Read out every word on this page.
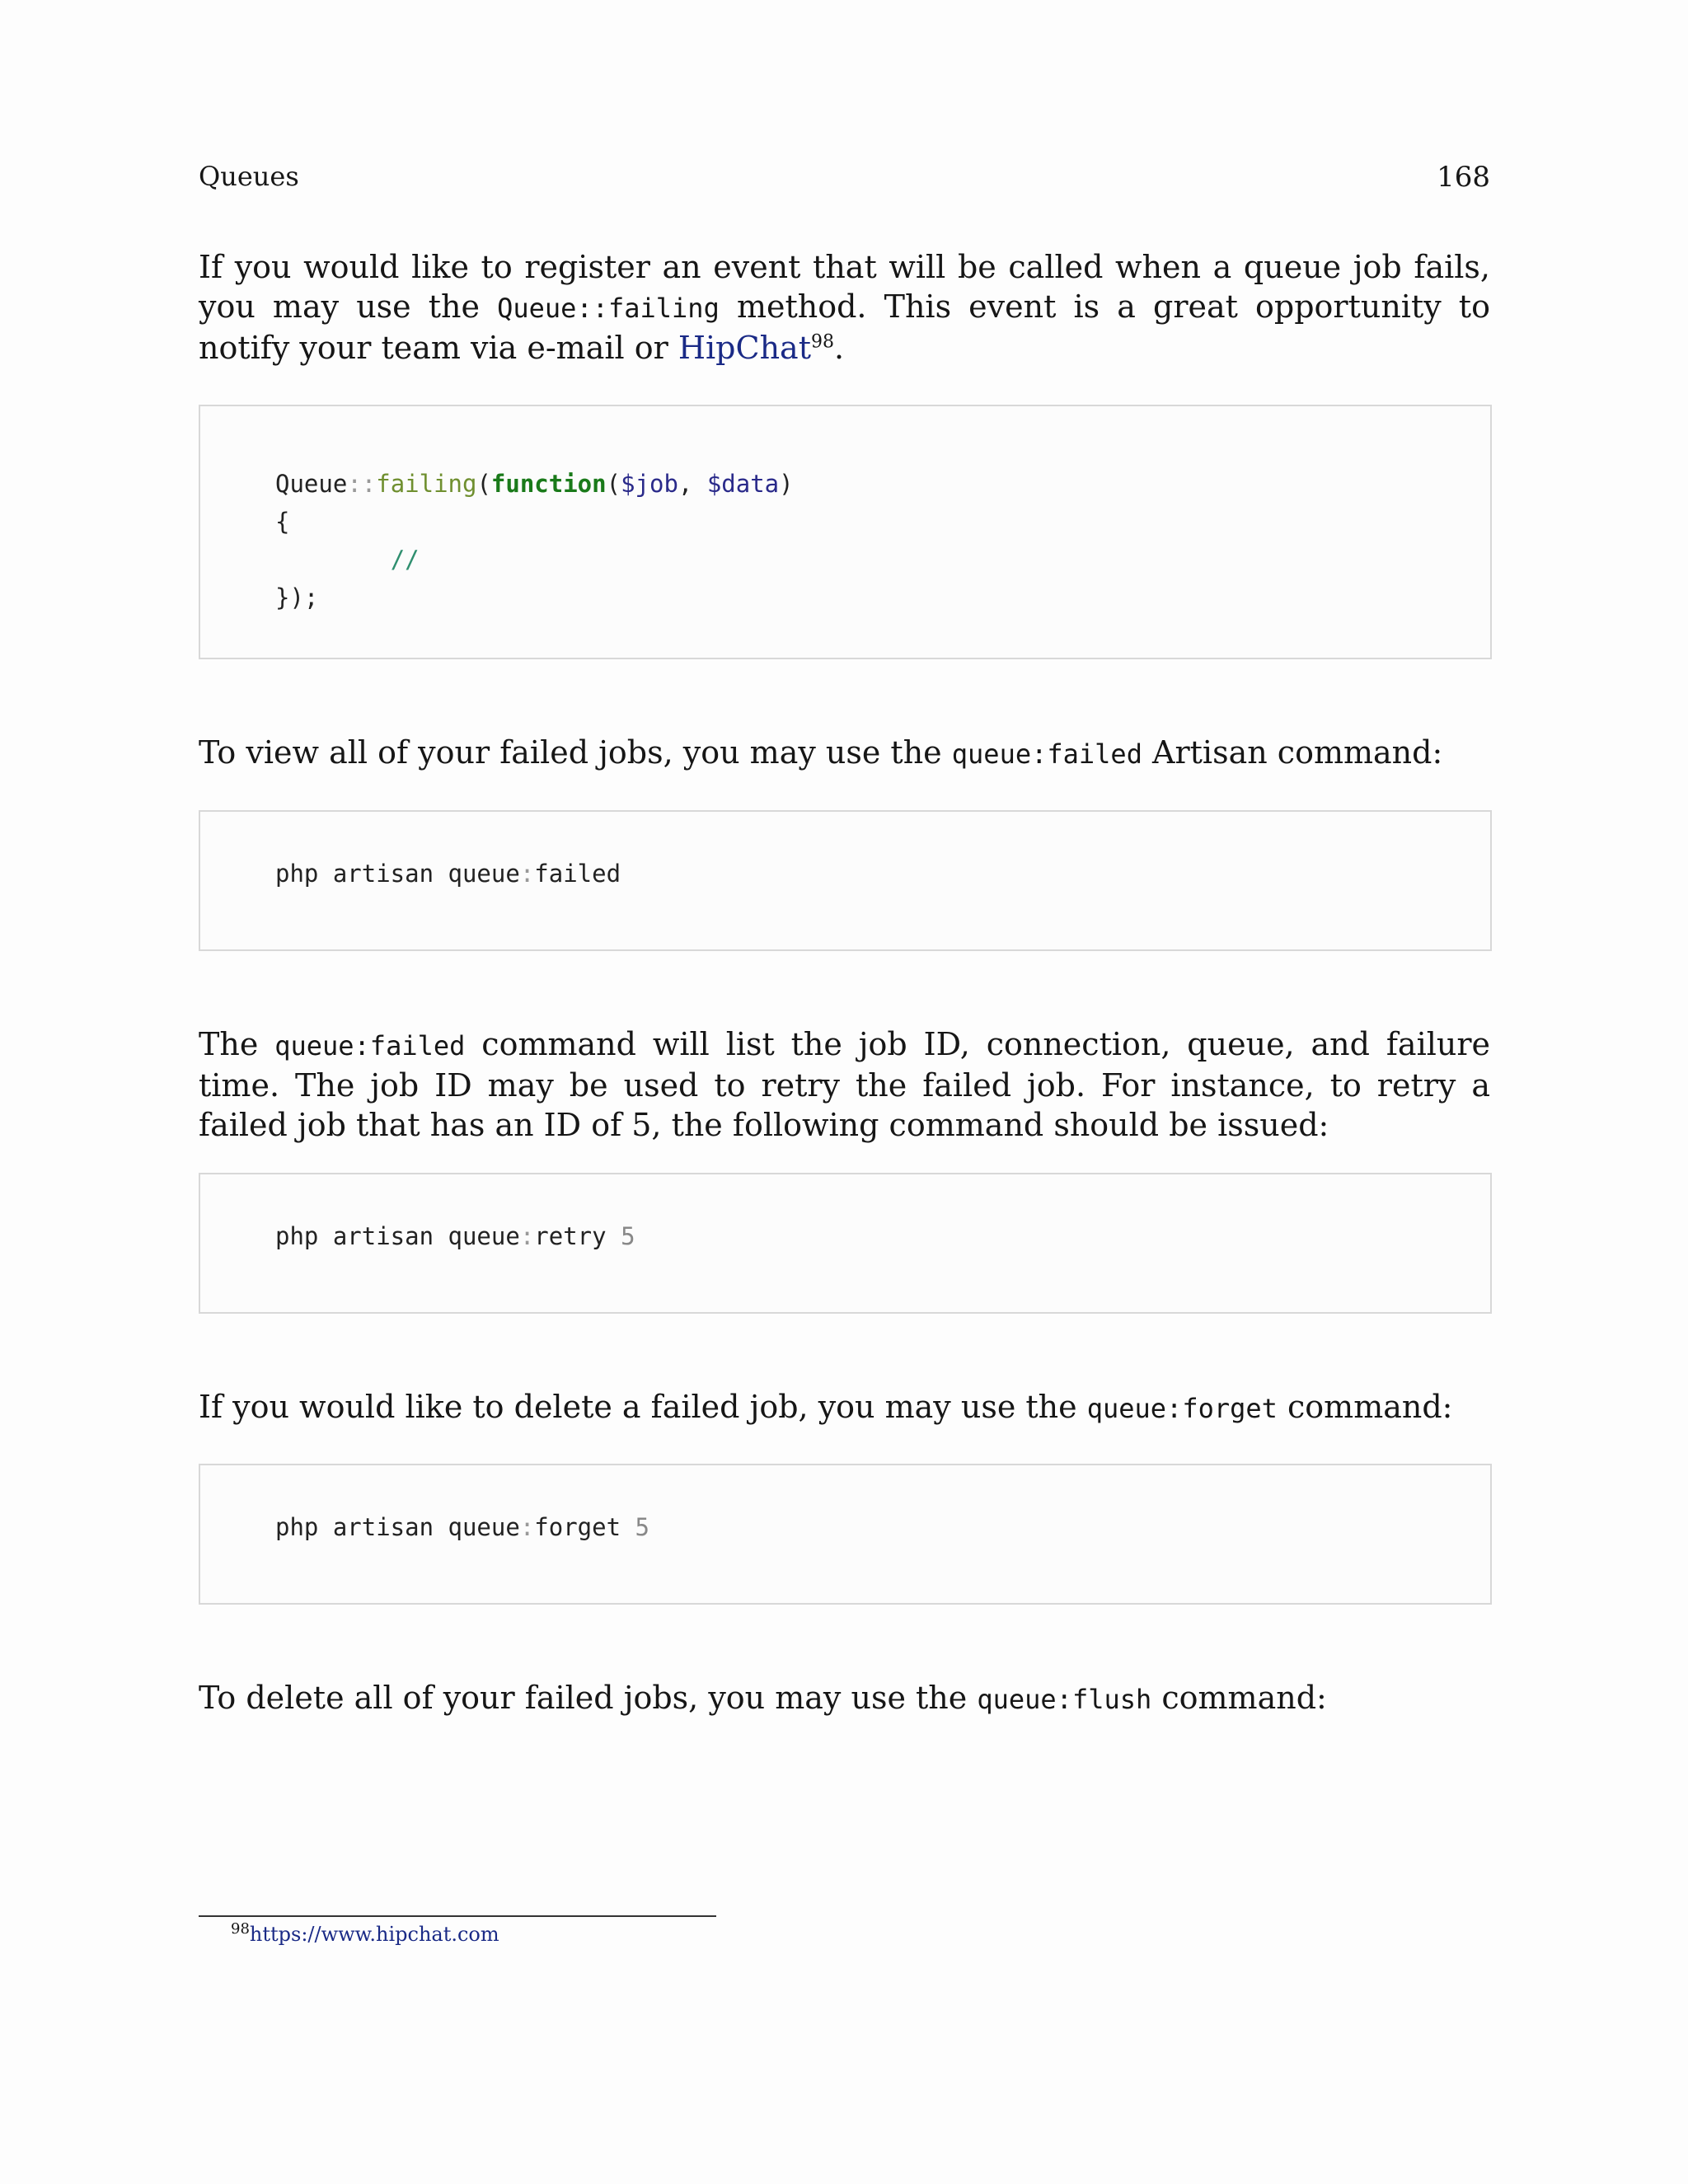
Queues	168

If you would like to register an event that will be called when a queue job fails, you may use the Queue::failing method. This event is a great opportunity to notify your team via e-mail or HipChat$^{98}$.

Queue::failing(function($job, $data)
{
//
});

To view all of your failed jobs, you may use the queue:failed Artisan command:

php artisan queue:failed

The queue:failed command will list the job ID, connection, queue, and failure time. The job ID may be used to retry the failed job. For instance, to retry a failed job that has an ID of 5, the following command should be issued:

php artisan queue:retry 5

If you would like to delete a failed job, you may use the queue:forget command:

php artisan queue:forget 5

To delete all of your failed jobs, you may use the queue:flush command:

$^{98}$https://www.hipchat.com
